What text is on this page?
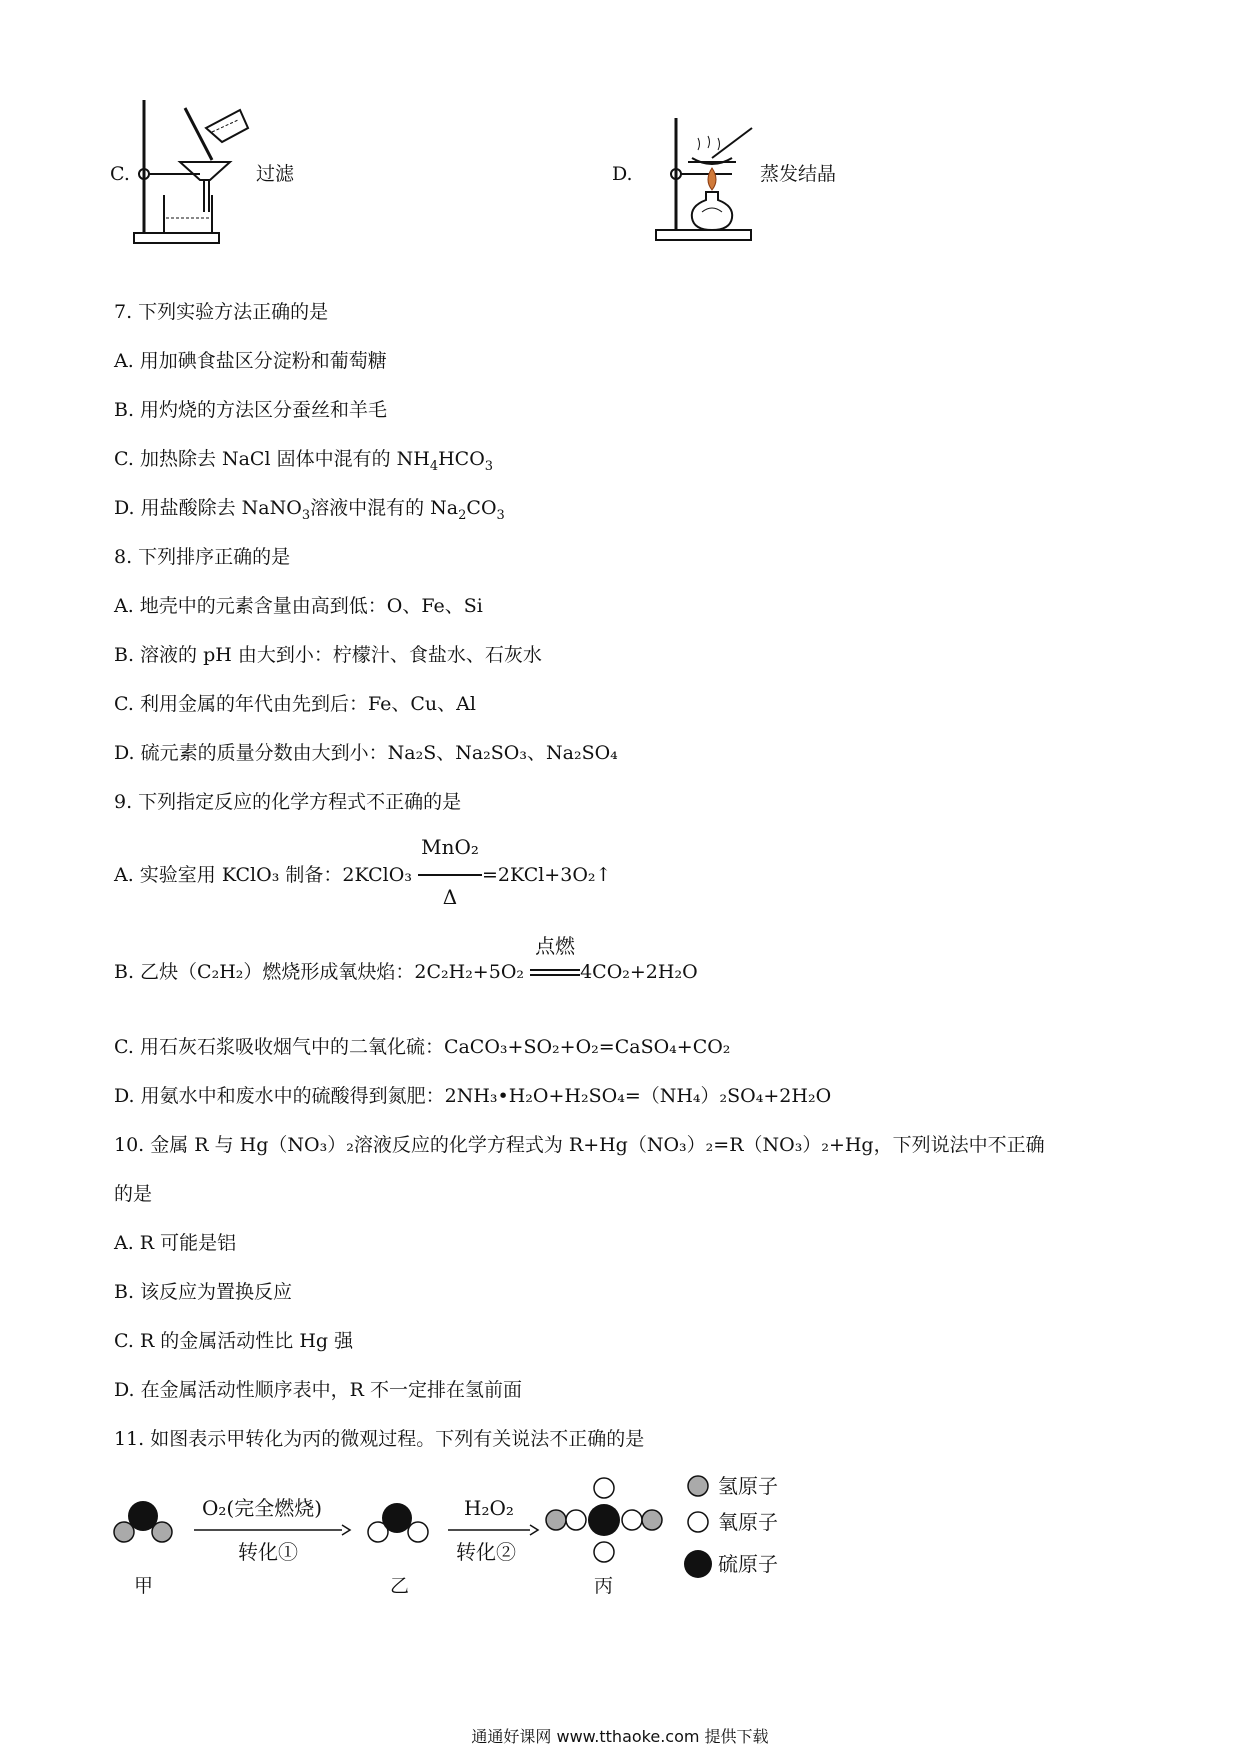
C.	过滤	D.	蒸发结晶
7. 下列实验方法正确的是
A. 用加碘食盐区分淀粉和葡萄糖
B. 用灼烧的方法区分蚕丝和羊毛
C. 加热除去 NaCl 固体中混有的 $NH_4HCO_3$
D. 用盐酸除去 NaNO$_3$溶液中混有的 $Na_2CO_3$
8. 下列排序正确的是
A. 地壳中的元素含量由高到低：O、Fe、Si
B. 溶液的 pH 由大到小：柠檬汁、食盐水、石灰水
C. 利用金属的年代由先到后：Fe、Cu、Al
D. 硫元素的质量分数由大到小：Na₂S、Na₂SO₃、Na₂SO₄
9. 下列指定反应的化学方程式不正确的是
A. 实验室用 KClO₃ 制备：2KClO₃
MnO₂
Δ
=2KCl+3O₂↑
B. 乙炔（C₂H₂）燃烧形成氧炔焰：2C₂H₂+5O₂
点燃
4CO₂+2H₂O
C. 用石灰石浆吸收烟气中的二氧化硫：CaCO₃+SO₂+O₂=CaSO₄+CO₂
D. 用氨水中和废水中的硫酸得到氮肥：2NH₃•H₂O+H₂SO₄=（NH₄）₂SO₄+2H₂O
10. 金属 R 与 Hg（NO₃）₂溶液反应的化学方程式为 R+Hg（NO₃）₂=R（NO₃）₂+Hg，下列说法中不正确
的是
A. R 可能是铝
B. 该反应为置换反应
C. R 的金属活动性比 Hg 强
D. 在金属活动性顺序表中，R 不一定排在氢前面
11. 如图表示甲转化为丙的微观过程。下列有关说法不正确的是
甲
O₂(完全燃烧)
转化①
乙
H₂O₂
转化②
丙
氢原子
氧原子
硫原子
通通好课网 www.tthaoke.com 提供下载
